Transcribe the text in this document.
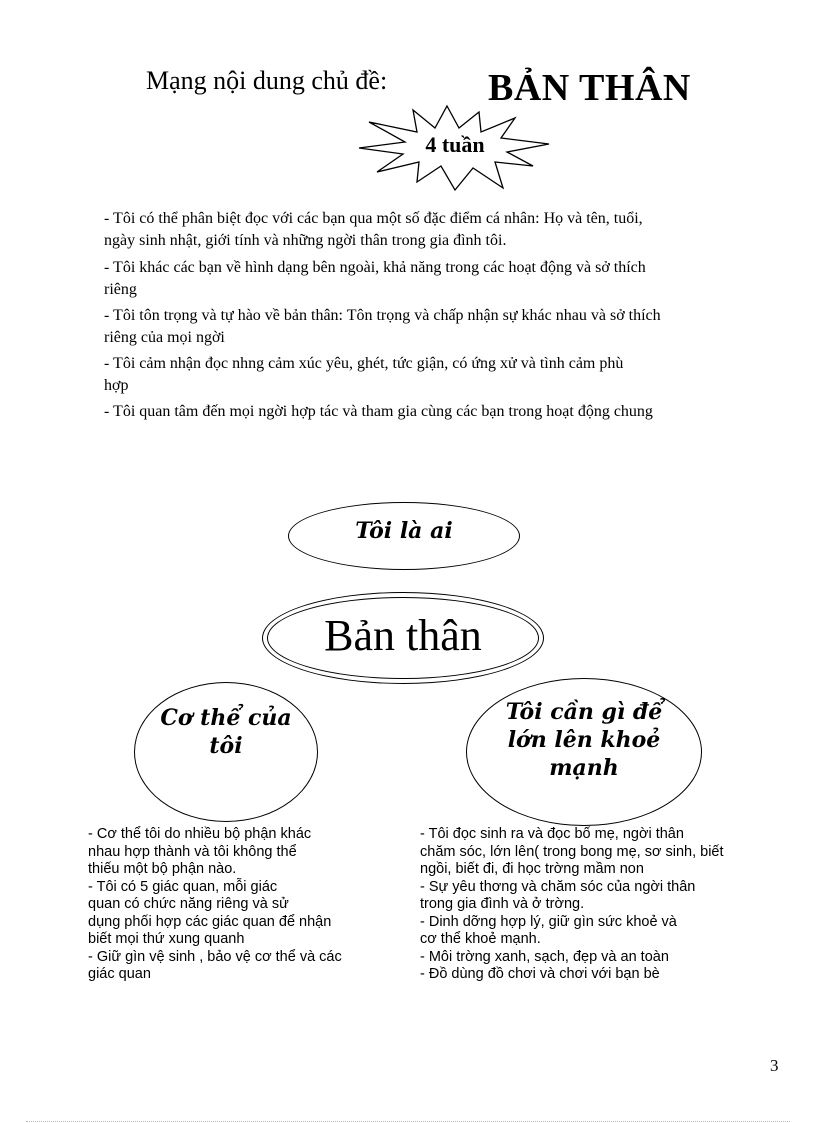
Mạng nội dung chủ đề:	BẢN THÂN
4 tuần
- Tôi có thể phân biệt đọc với các bạn qua một số đặc điểm cá nhân: Họ và tên, tuổi,
ngày sinh nhật, giới tính và những ngời thân trong gia đình tôi.
- Tôi khác các bạn về hình dạng bên ngoài, khả năng trong các hoạt động và sở thích
riêng
- Tôi tôn trọng và tự hào về bản thân: Tôn trọng và chấp nhận sự khác nhau và sở thích
riêng của mọi ngời
- Tôi cảm nhận đọc nhng cảm xúc yêu, ghét, tức giận, có ứng xử và tình cảm phù
hợp
- Tôi quan tâm đến mọi ngời hợp tác và tham gia cùng các bạn trong hoạt động chung
Tôi là ai
Bản thân
Cơ thể của
tôi
Tôi cần gì để
lớn lên khoẻ
mạnh
- Cơ thể tôi do nhiều bộ phận khác
nhau hợp thành và tôi không thể
thiếu một bộ phận nào.
- Tôi có 5 giác quan, mỗi giác
quan có chức năng riêng và sử
dụng phối hợp các giác quan để nhận
biết mọi thứ xung quanh
- Giữ gìn vệ sinh , bảo vệ cơ thể và các
giác quan
- Tôi đọc sinh ra và đọc bố mẹ, ngời thân
chăm sóc, lớn lên( trong bong mẹ, sơ sinh, biết
ngồi, biết đi, đi học trờng mầm non
- Sự yêu thơng và chăm sóc của ngời thân
trong gia đình và ở trờng.
- Dinh dỡng hợp lý, giữ gìn sức khoẻ và
cơ thể khoẻ mạnh.
- Môi trờng xanh, sạch, đẹp và an toàn
- Đồ dùng đồ chơi và chơi với bạn bè
3
